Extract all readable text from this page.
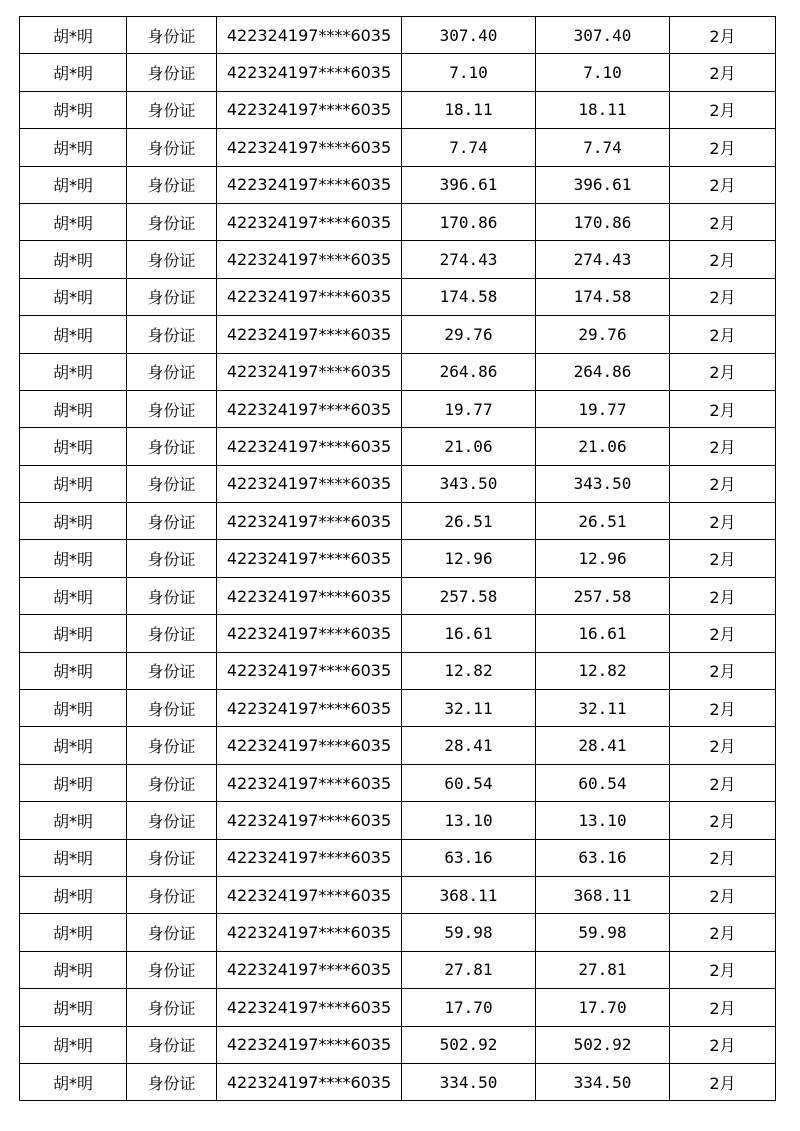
胡*明	身份证	422324197****6035	307.40	307.40	2月
胡*明	身份证	422324197****6035	7.10	7.10	2月
胡*明	身份证	422324197****6035	18.11	18.11	2月
胡*明	身份证	422324197****6035	7.74	7.74	2月
胡*明	身份证	422324197****6035	396.61	396.61	2月
胡*明	身份证	422324197****6035	170.86	170.86	2月
胡*明	身份证	422324197****6035	274.43	274.43	2月
胡*明	身份证	422324197****6035	174.58	174.58	2月
胡*明	身份证	422324197****6035	29.76	29.76	2月
胡*明	身份证	422324197****6035	264.86	264.86	2月
胡*明	身份证	422324197****6035	19.77	19.77	2月
胡*明	身份证	422324197****6035	21.06	21.06	2月
胡*明	身份证	422324197****6035	343.50	343.50	2月
胡*明	身份证	422324197****6035	26.51	26.51	2月
胡*明	身份证	422324197****6035	12.96	12.96	2月
胡*明	身份证	422324197****6035	257.58	257.58	2月
胡*明	身份证	422324197****6035	16.61	16.61	2月
胡*明	身份证	422324197****6035	12.82	12.82	2月
胡*明	身份证	422324197****6035	32.11	32.11	2月
胡*明	身份证	422324197****6035	28.41	28.41	2月
胡*明	身份证	422324197****6035	60.54	60.54	2月
胡*明	身份证	422324197****6035	13.10	13.10	2月
胡*明	身份证	422324197****6035	63.16	63.16	2月
胡*明	身份证	422324197****6035	368.11	368.11	2月
胡*明	身份证	422324197****6035	59.98	59.98	2月
胡*明	身份证	422324197****6035	27.81	27.81	2月
胡*明	身份证	422324197****6035	17.70	17.70	2月
胡*明	身份证	422324197****6035	502.92	502.92	2月
胡*明	身份证	422324197****6035	334.50	334.50	2月
